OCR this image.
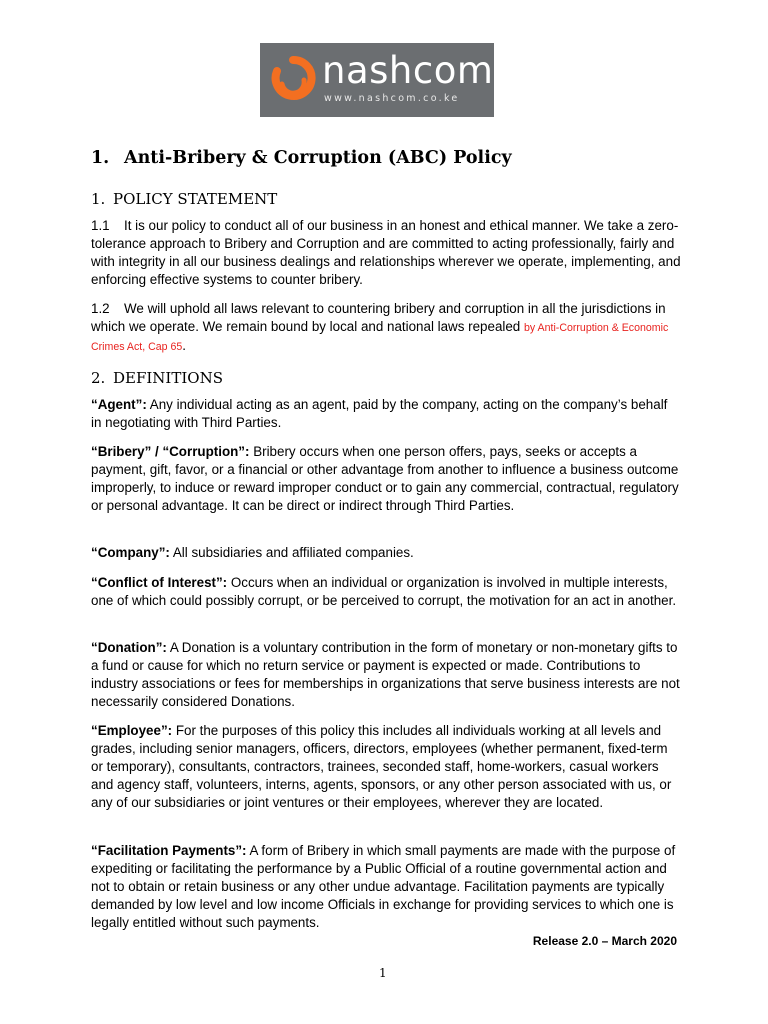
nashcom
www.nashcom.co.ke
1. Anti-Bribery & Corruption (ABC) Policy
1. POLICY STATEMENT
1.1 It is our policy to conduct all of our business in an honest and ethical manner. We take a zero-tolerance approach to Bribery and Corruption and are committed to acting professionally, fairly and with integrity in all our business dealings and relationships wherever we operate, implementing, and enforcing effective systems to counter bribery.
1.2 We will uphold all laws relevant to countering bribery and corruption in all the jurisdictions in which we operate. We remain bound by local and national laws repealed by Anti-Corruption & Economic Crimes Act, Cap 65.
2. DEFINITIONS
“Agent”: Any individual acting as an agent, paid by the company, acting on the company’s behalf in negotiating with Third Parties.
“Bribery” / “Corruption”: Bribery occurs when one person offers, pays, seeks or accepts a payment, gift, favor, or a financial or other advantage from another to influence a business outcome improperly, to induce or reward improper conduct or to gain any commercial, contractual, regulatory or personal advantage. It can be direct or indirect through Third Parties.
“Company”: All subsidiaries and affiliated companies.
“Conflict of Interest”: Occurs when an individual or organization is involved in multiple interests, one of which could possibly corrupt, or be perceived to corrupt, the motivation for an act in another.
“Donation”: A Donation is a voluntary contribution in the form of monetary or non-monetary gifts to a fund or cause for which no return service or payment is expected or made. Contributions to industry associations or fees for memberships in organizations that serve business interests are not necessarily considered Donations.
“Employee”: For the purposes of this policy this includes all individuals working at all levels and grades, including senior managers, officers, directors, employees (whether permanent, fixed-term or temporary), consultants, contractors, trainees, seconded staff, home-workers, casual workers and agency staff, volunteers, interns, agents, sponsors, or any other person associated with us, or any of our subsidiaries or joint ventures or their employees, wherever they are located.
“Facilitation Payments”: A form of Bribery in which small payments are made with the purpose of expediting or facilitating the performance by a Public Official of a routine governmental action and not to obtain or retain business or any other undue advantage. Facilitation payments are typically demanded by low level and low income Officials in exchange for providing services to which one is legally entitled without such payments.
Release 2.0 – March 2020
1
